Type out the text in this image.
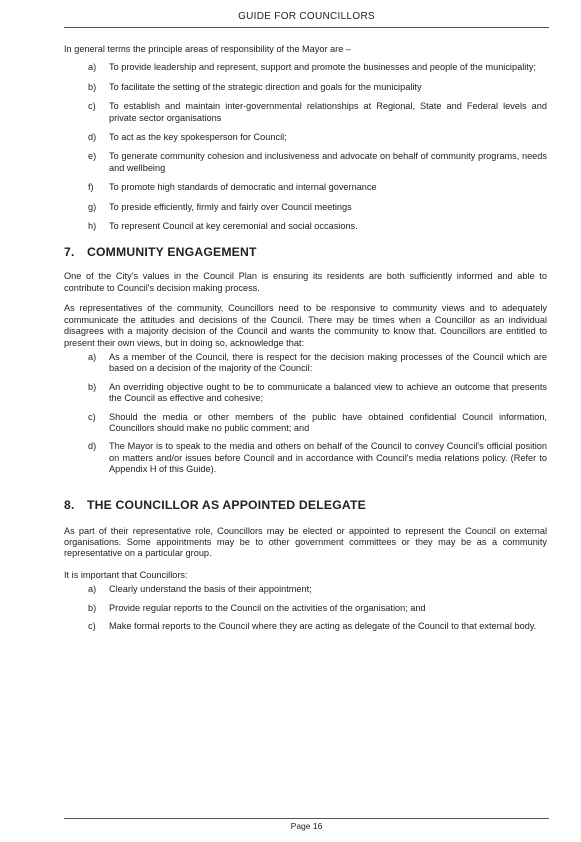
GUIDE FOR COUNCILLORS

In general terms the principle areas of responsibility of the Mayor are –

a) To provide leadership and represent, support and promote the businesses and people of the municipality;
b) To facilitate the setting of the strategic direction and goals for the municipality
c) To establish and maintain inter-governmental relationships at Regional, State and Federal levels and private sector organisations
d) To act as the key spokesperson for Council;
e) To generate community cohesion and inclusiveness and advocate on behalf of community programs, needs and wellbeing
f) To promote high standards of democratic and internal governance
g) To preside efficiently, firmly and fairly over Council meetings
h) To represent Council at key ceremonial and social occasions.
7. COMMUNITY ENGAGEMENT

One of the City's values in the Council Plan is ensuring its residents are both sufficiently informed and able to contribute to Council's decision making process.

As representatives of the community, Councillors need to be responsive to community views and to adequately communicate the attitudes and decisions of the Council. There may be times when a Councillor as an individual disagrees with a majority decision of the Council and wants the community to know that. Councillors are entitled to present their own views, but in doing so, acknowledge that:

a) As a member of the Council, there is respect for the decision making processes of the Council which are based on a decision of the majority of the Council:
b) An overriding objective ought to be to communicate a balanced view to achieve an outcome that presents the Council as effective and cohesive;
c) Should the media or other members of the public have obtained confidential Council information, Councillors should make no public comment; and
d) The Mayor is to speak to the media and others on behalf of the Council to convey Council's official position on matters and/or issues before Council and in accordance with Council's media relations policy. (Refer to Appendix H of this Guide).
8. THE COUNCILLOR AS APPOINTED DELEGATE

As part of their representative role, Councillors may be elected or appointed to represent the Council on external organisations. Some appointments may be to other government committees or they may be as a community representative on a particular group.

It is important that Councillors:

a) Clearly understand the basis of their appointment;
b) Provide regular reports to the Council on the activities of the organisation; and
c) Make formal reports to the Council where they are acting as delegate of the Council to that external body.
Page 16
